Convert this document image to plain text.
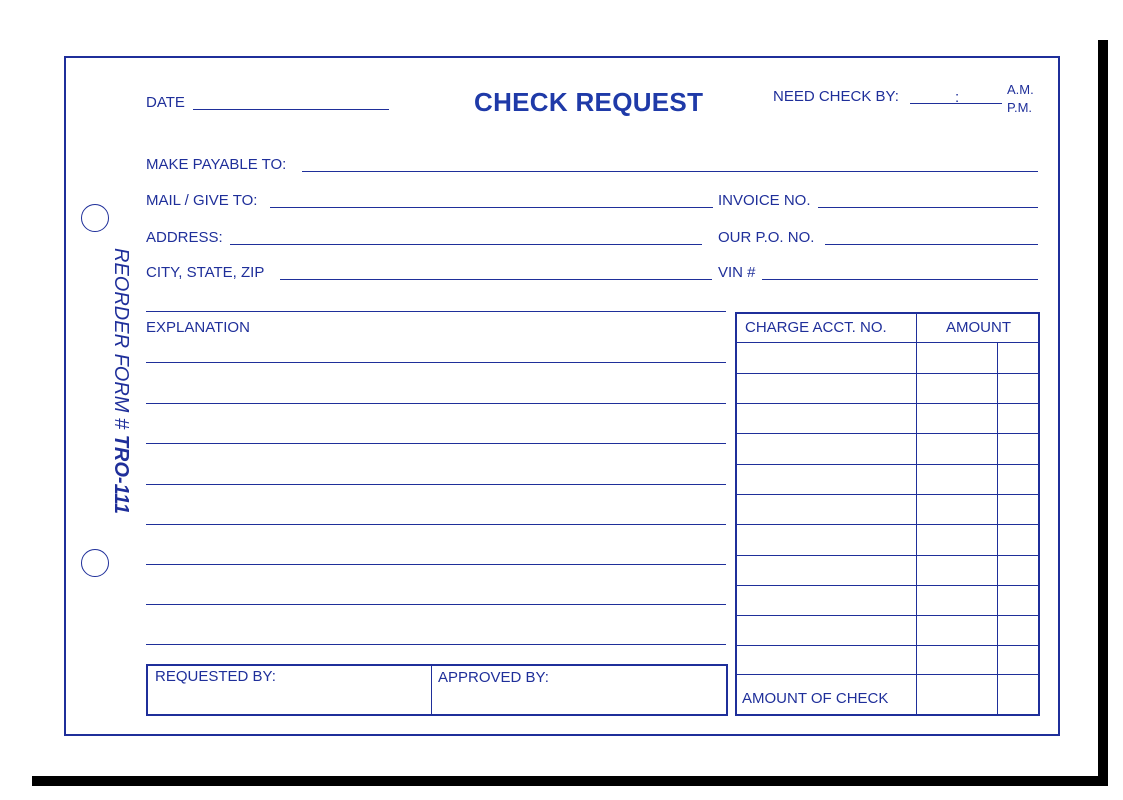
REORDER FORM # TRO-111
DATE	CHECK REQUEST	NEED CHECK BY:	:	A.M.
P.M.
MAKE PAYABLE TO:
MAIL / GIVE TO:	INVOICE NO.
ADDRESS:	OUR P.O. NO.
CITY, STATE, ZIP	VIN #
EXPLANATION
REQUESTED BY:	APPROVED BY:
CHARGE ACCT. NO.	AMOUNT
AMOUNT OF CHECK
